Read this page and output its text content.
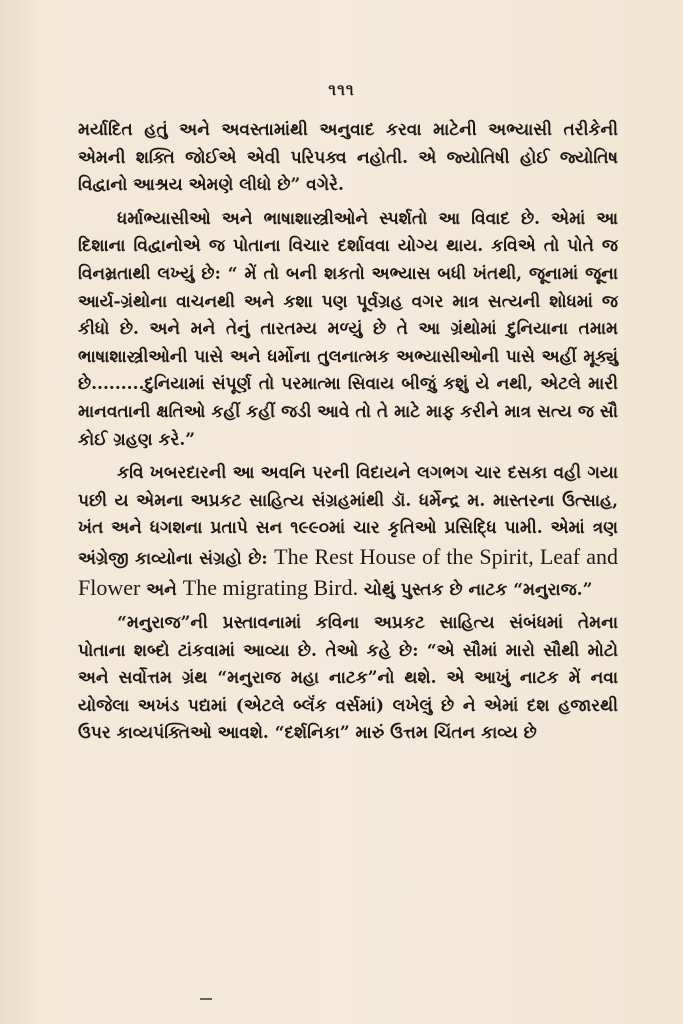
૧૧૧

મર્યાદિત હતું અને અવસ્તામાંથી અનુવાદ કરવા માટેની અભ્યાસી તરીકેની એમની શક્તિ જોઈએ એવી પરિપક્વ નહોતી. એ જ્યોતિષી હોઈ જ્યોતિષ વિદ્વાનો આશ્રય એમણે લીધો છે” વગેરે.

ધર્માભ્યાસીઓ અને ભાષાશાસ્ત્રીઓને સ્પર્શતો આ વિવાદ છે. એમાં આ દિશાના વિદ્વાનોએ જ પોતાના વિચાર દર્શાવવા યોગ્ય થાય. કવિએ તો પોતે જ વિનમ્રતાથી લખ્યું છે: “ મેં તો બની શકતો અભ્યાસ બધી ખંતથી, જૂનામાં જૂના આર્ય-ગ્રંથોના વાચનથી અને કશા પણ પૂર્વગ્રહ વગર માત્ર સત્યની શોધમાં જ કીધો છે. અને મને તેનું તારતમ્ય મળ્યું છે તે આ ગ્રંથોમાં દુનિયાના તમામ ભાષાશાસ્ત્રીઓની પાસે અને ધર્મોના તુલનાત્મક અભ્યાસીઓની પાસે અહીં મૂક્યું છે.........દુનિયામાં સંપૂર્ણ તો પરમાત્મા સિવાય બીજું કશું યે નથી, એટલે મારી માનવતાની ક્ષતિઓ કહીં કહીં જડી આવે તો તે માટે માફ કરીને માત્ર સત્ય જ સૌ કોઈ ગ્રહણ કરે.”

કવિ ખબરદારની આ અવનિ પરની વિદાયને લગભગ ચાર દસકા વહી ગયા પછી ય એમના અપ્રકટ સાહિત્ય સંગ્રહમાંથી ડૉ. ધર્મેન્દ્ર મ. માસ્તરના ઉત્સાહ, ખંત અને ધગશના પ્રતાપે સન ૧૯૯૦માં ચાર કૃતિઓ પ્રસિદ્ધિ પામી. એમાં ત્રણ અંગ્રેજી કાવ્યોના સંગ્રહો છે: The Rest House of the Spirit, Leaf and Flower અને The migrating Bird. ચોથું પુસ્તક છે નાટક “મનુરાજ.”

“મનુરાજ”ની પ્રસ્તાવનામાં કવિના અપ્રકટ સાહિત્ય સંબંધમાં તેમના પોતાના શબ્દો ટાંકવામાં આવ્યા છે. તેઓ કહે છે: “એ સૌમાં મારો સૌથી મોટો અને સર્વોત્તમ ગ્રંથ “મનુરાજ મહા નાટક”નો થશે. એ આખું નાટક મેં નવા યોજેલા અખંડ પદ્યમાં (એટલે બ્લૅંક વર્સમાં) લખેલું છે ને એમાં દશ હજારથી ઉપર કાવ્યપંક્તિઓ આવશે. “દર્શનિકા” મારું ઉત્તમ ચિંતન કાવ્ય છે
